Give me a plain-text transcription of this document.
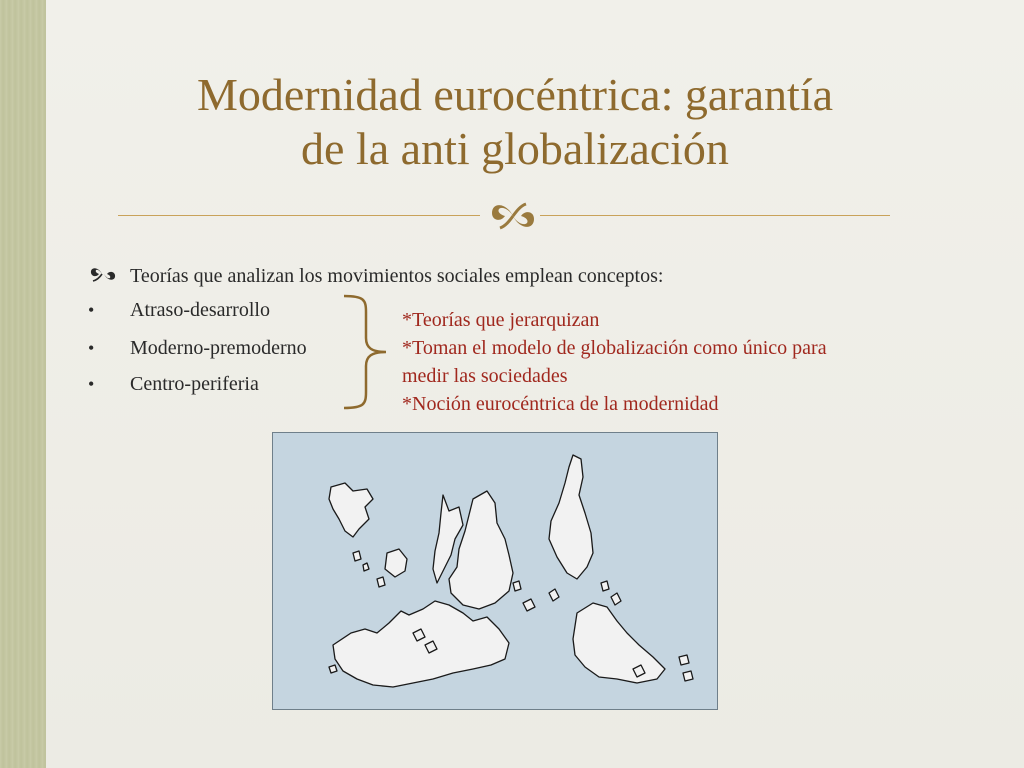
Modernidad eurocéntrica: garantía
de la anti globalización
Teorías que analizan los movimientos sociales emplean conceptos:
• Atraso-desarrollo
• Moderno-premoderno
• Centro-periferia
*Teorías que jerarquizan
*Toman el modelo de globalización como único para
medir las sociedades
*Noción eurocéntrica de la modernidad
